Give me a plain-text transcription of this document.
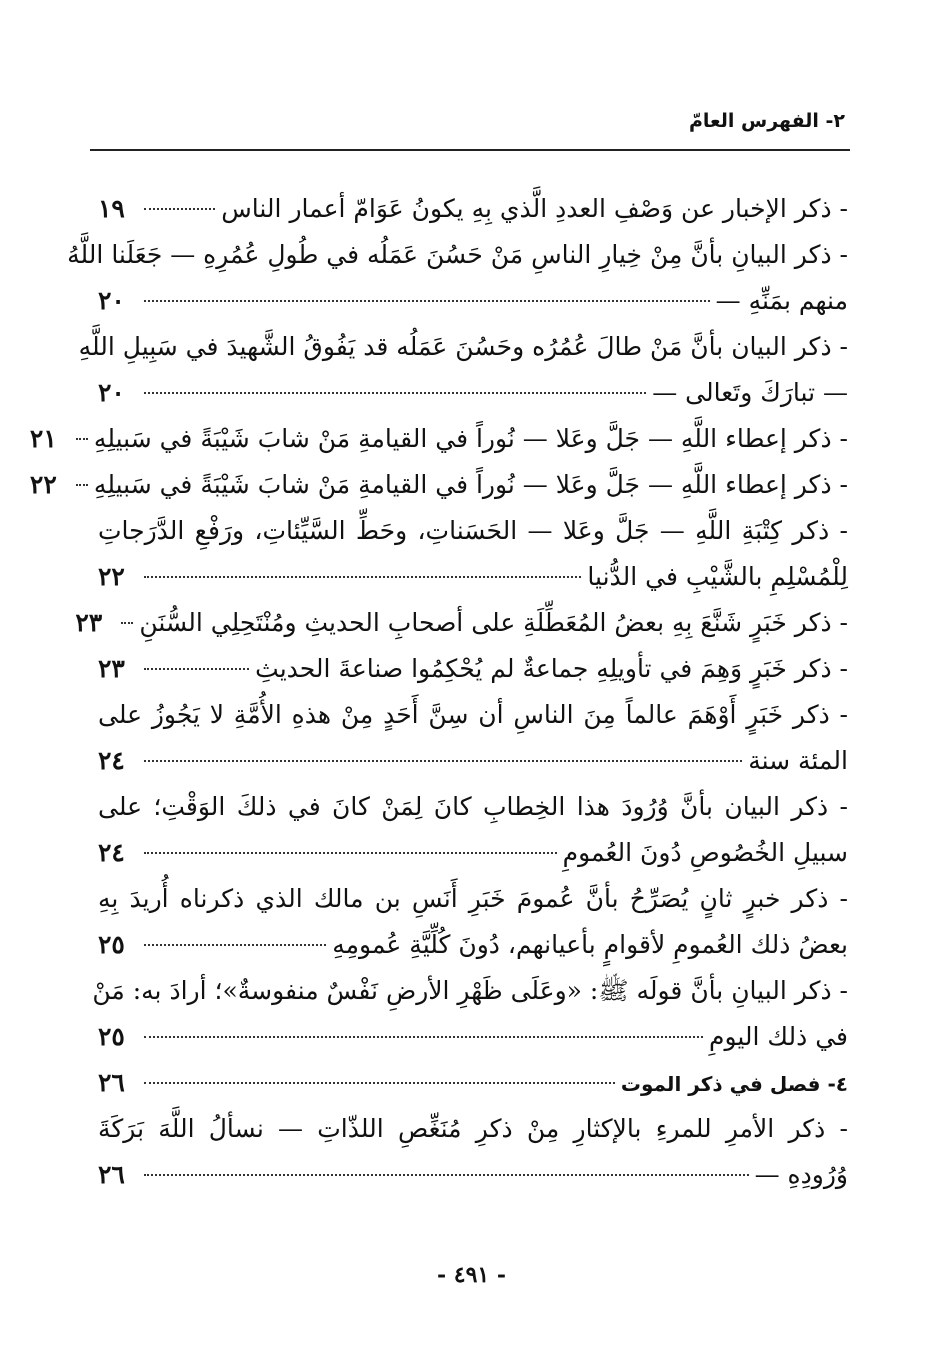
٢- الفهرس العامّ
- ذكر الإخبار عن وَصْفِ العددِ الَّذي بِهِ يكونُ عَوَامّ أعمار الناس
١٩
- ذكر البيانِ بأنَّ مِنْ خِيارِ الناسِ مَنْ حَسُنَ عَمَلُه في طُولِ عُمُرِهِ — جَعَلَنا اللَّهُ
منهم بمَنِّهِ —
٢٠
- ذكر البيان بأنَّ مَنْ طالَ عُمُرُه وحَسُنَ عَمَلُه قد يَفُوقُ الشَّهيدَ في سَبِيلِ اللَّهِ
— تبارَكَ وتَعالى —
٢٠
- ذكر إعطاء اللَّهِ — جَلَّ وعَلا — نُوراً في القيامةِ مَنْ شابَ شَيْبَةً في سَبيلِهِ
٢١
- ذكر إعطاء اللَّهِ — جَلَّ وعَلا — نُوراً في القيامةِ مَنْ شابَ شَيْبَةً في سَبيلِهِ
٢٢
- ذكر كِتْبَةِ اللَّهِ — جَلَّ وعَلا — الحَسَناتِ، وحَطِّ السَّيِّئاتِ، ورَفْعِ الدَّرَجاتِ
لِلْمُسْلِمِ بالشَّيْبِ في الدُّنيا
٢٢
- ذكر خَبَرٍ شَنَّعَ بِهِ بعضُ المُعَطِّلَةِ على أصحابِ الحديثِ ومُنْتَحِلِي السُّنَنِ
٢٣
- ذكر خَبَرٍ وَهِمَ في تأويلِهِ جماعةٌ لم يُحْكِمُوا صناعةَ الحديثِ
٢٣
- ذكر خَبَرٍ أَوْهَمَ عالماً مِنَ الناسِ أن سِنَّ أَحَدٍ مِنْ هذهِ الأُمَّةِ لا يَجُوزُ على
المئة سنة
٢٤
- ذكر البيان بأنَّ وُرُودَ هذا الخِطابِ كانَ لِمَنْ كانَ في ذلكَ الوَقْتِ؛ على
سبيلِ الخُصُوصِ دُونَ العُمومِ
٢٤
- ذكر خبرٍ ثانٍ يُصَرِّحُ بأنَّ عُمومَ خَبَرِ أَنَسِ بن مالك الذي ذكرناه أُريدَ بِهِ
بعضُ ذلك العُمومِ لأقوامٍ بأعيانهم، دُونَ كُلِّيَّةِ عُمومِهِ
٢٥
- ذكر البيانِ بأنَّ قولَه ﷺ: «وعَلَى ظَهْرِ الأرضِ نَفْسٌ منفوسةٌ»؛ أرادَ به: مَنْ
في ذلك اليومِ
٢٥
٤- فصل في ذكر الموت
٢٦
- ذكر الأمرِ للمرءِ بالإكثارِ مِنْ ذكرِ مُنَغِّصِ اللذّاتِ — نسألُ اللَّهَ بَرَكَةَ
وُرُودِهِ —
٢٦
- ٤٩١ -
